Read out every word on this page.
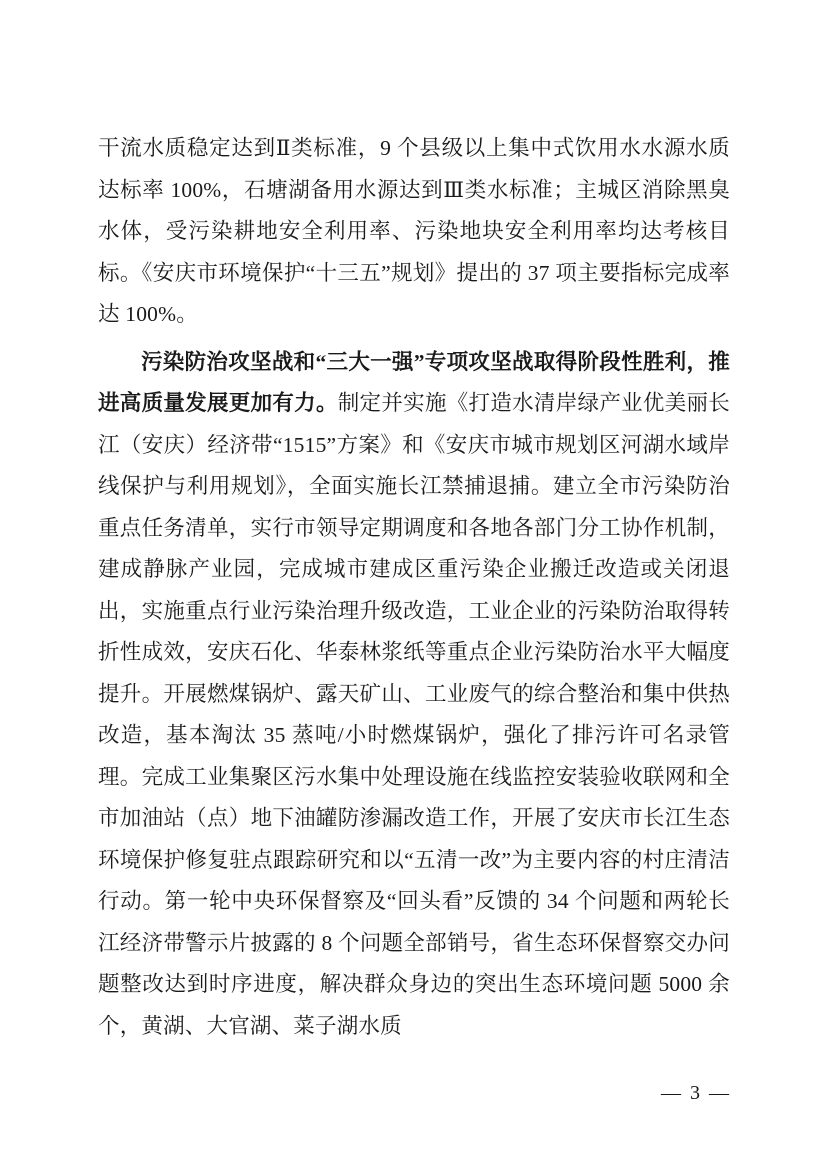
干流水质稳定达到Ⅱ类标准，9 个县级以上集中式饮用水水源水质达标率 100%，石塘湖备用水源达到Ⅲ类水标准；主城区消除黑臭水体，受污染耕地安全利用率、污染地块安全利用率均达考核目标。《安庆市环境保护“十三五”规划》提出的 37 项主要指标完成率达 100%。

污染防治攻坚战和“三大一强”专项攻坚战取得阶段性胜利，推进高质量发展更加有力。制定并实施《打造水清岸绿产业优美丽长江（安庆）经济带“1515”方案》和《安庆市城市规划区河湖水域岸线保护与利用规划》，全面实施长江禁捕退捕。建立全市污染防治重点任务清单，实行市领导定期调度和各地各部门分工协作机制，建成静脉产业园，完成城市建成区重污染企业搬迁改造或关闭退出，实施重点行业污染治理升级改造，工业企业的污染防治取得转折性成效，安庆石化、华泰林浆纸等重点企业污染防治水平大幅度提升。开展燃煤锅炉、露天矿山、工业废气的综合整治和集中供热改造，基本淘汰 35 蒸吨/小时燃煤锅炉，强化了排污许可名录管理。完成工业集聚区污水集中处理设施在线监控安装验收联网和全市加油站（点）地下油罐防渗漏改造工作，开展了安庆市长江生态环境保护修复驻点跟踪研究和以“五清一改”为主要内容的村庄清洁行动。第一轮中央环保督察及“回头看”反馈的 34 个问题和两轮长江经济带警示片披露的 8 个问题全部销号，省生态环保督察交办问题整改达到时序进度，解决群众身边的突出生态环境问题 5000 余个，黄湖、大官湖、菜子湖水质

— 3 —
